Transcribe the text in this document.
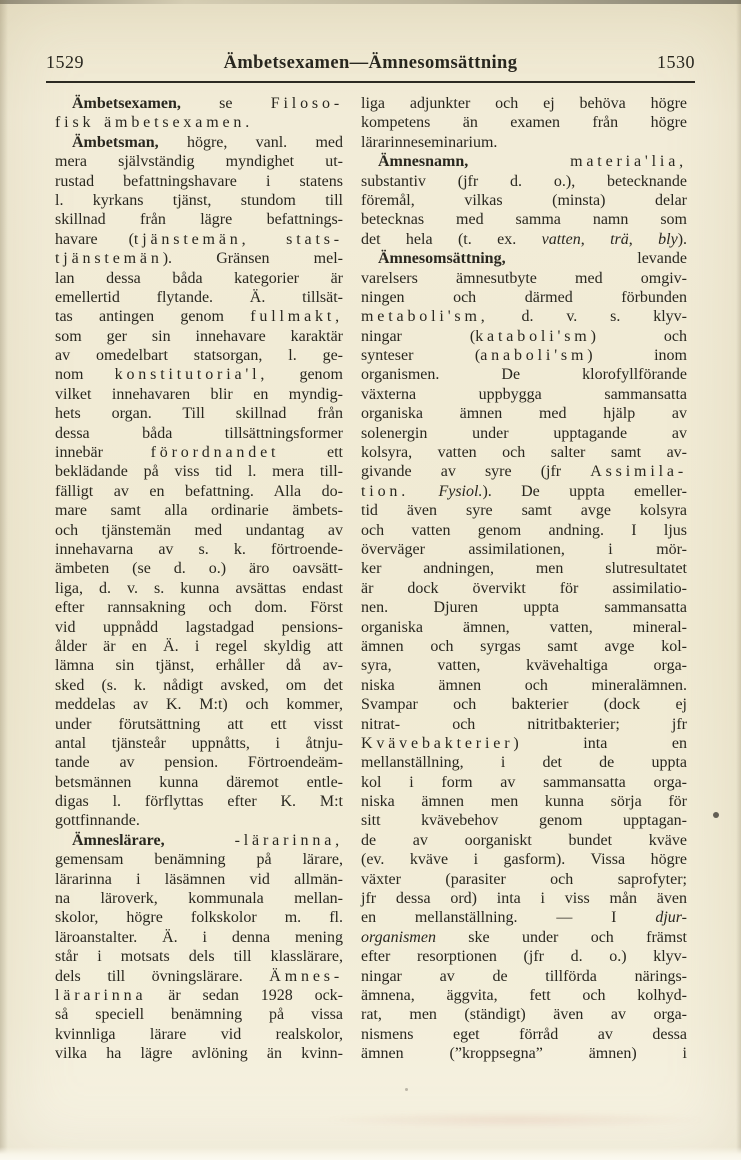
1529	Ämbetsexamen—Ämnesomsättning	1530
Ämbetsexamen, se Filoso-
fisk ämbetsexamen.
Ämbetsman, högre, vanl. med
mera självständig myndighet ut-
rustad befattningshavare i statens
l. kyrkans tjänst, stundom till
skillnad från lägre befattnings-
havare (tjänstemän, stats-
tjänstemän). Gränsen mel-
lan dessa båda kategorier är
emellertid flytande. Ä. tillsät-
tas antingen genom fullmakt,
som ger sin innehavare karaktär
av omedelbart statsorgan, l. ge-
nom konstitutoria'l, genom
vilket innehavaren blir en myndig-
hets organ. Till skillnad från
dessa båda tillsättningsformer
innebär förordnandet ett
beklädande på viss tid l. mera till-
fälligt av en befattning. Alla do-
mare samt alla ordinarie ämbets-
och tjänstemän med undantag av
innehavarna av s. k. förtroende-
ämbeten (se d. o.) äro oavsätt-
liga, d. v. s. kunna avsättas endast
efter rannsakning och dom. Först
vid uppnådd lagstadgad pensions-
ålder är en Ä. i regel skyldig att
lämna sin tjänst, erhåller då av-
sked (s. k. nådigt avsked, om det
meddelas av K. M:t) och kommer,
under förutsättning att ett visst
antal tjänsteår uppnåtts, i åtnju-
tande av pension. Förtroendeäm-
betsmännen kunna däremot entle-
digas l. förflyttas efter K. M:t
gottfinnande.
Ämneslärare,	-lärarinna,
gemensam benämning på lärare,
lärarinna i läsämnen vid allmän-
na läroverk, kommunala mellan-
skolor, högre folkskolor m. fl.
läroanstalter. Ä. i denna mening
står i motsats dels till klasslärare,
dels till övningslärare. Ämnes-
lärarinna är sedan 1928 ock-
så speciell benämning på vissa
kvinnliga lärare vid realskolor,
vilka ha lägre avlöning än kvinn-
liga adjunkter och ej behöva högre
kompetens än examen från högre
lärarinneseminarium.
Ämnesnamn,	materia'lia,
substantiv (jfr d. o.), betecknande
föremål, vilkas (minsta) delar
betecknas med samma namn som
det hela (t. ex. vatten, trä, bly).
Ämnesomsättning, levande
varelsers ämnesutbyte med omgiv-
ningen och därmed förbunden
metaboli'sm, d. v. s. klyv-
ningar (kataboli'sm) och
synteser (anaboli'sm) inom
organismen. De klorofyllförande
växterna uppbygga sammansatta
organiska ämnen med hjälp av
solenergin under upptagande av
kolsyra, vatten och salter samt av-
givande av syre (jfr Assimila-
tion. Fysiol.). De uppta emeller-
tid även syre samt avge kolsyra
och vatten genom andning. I ljus
överväger assimilationen, i mör-
ker andningen, men slutresultatet
är dock övervikt för assimilatio-
nen. Djuren uppta sammansatta
organiska ämnen, vatten, mineral-
ämnen och syrgas samt avge kol-
syra, vatten, kvävehaltiga orga-
niska ämnen och mineralämnen.
Svampar och bakterier (dock ej
nitrat- och nitritbakterier; jfr
Kvävebakterier) inta en
mellanställning, i det de uppta
kol i form av sammansatta orga-
niska ämnen men kunna sörja för
sitt kvävebehov genom upptagan-
de av oorganiskt bundet kväve
(ev. kväve i gasform). Vissa högre
växter (parasiter och saprofyter;
jfr dessa ord) inta i viss mån även
en mellanställning. — I djur-
organismen ske under och främst
efter resorptionen (jfr d. o.) klyv-
ningar av de tillförda närings-
ämnena, äggvita, fett och kolhyd-
rat, men (ständigt) även av orga-
nismens eget förråd av dessa
ämnen (”kroppsegna” ämnen) i
